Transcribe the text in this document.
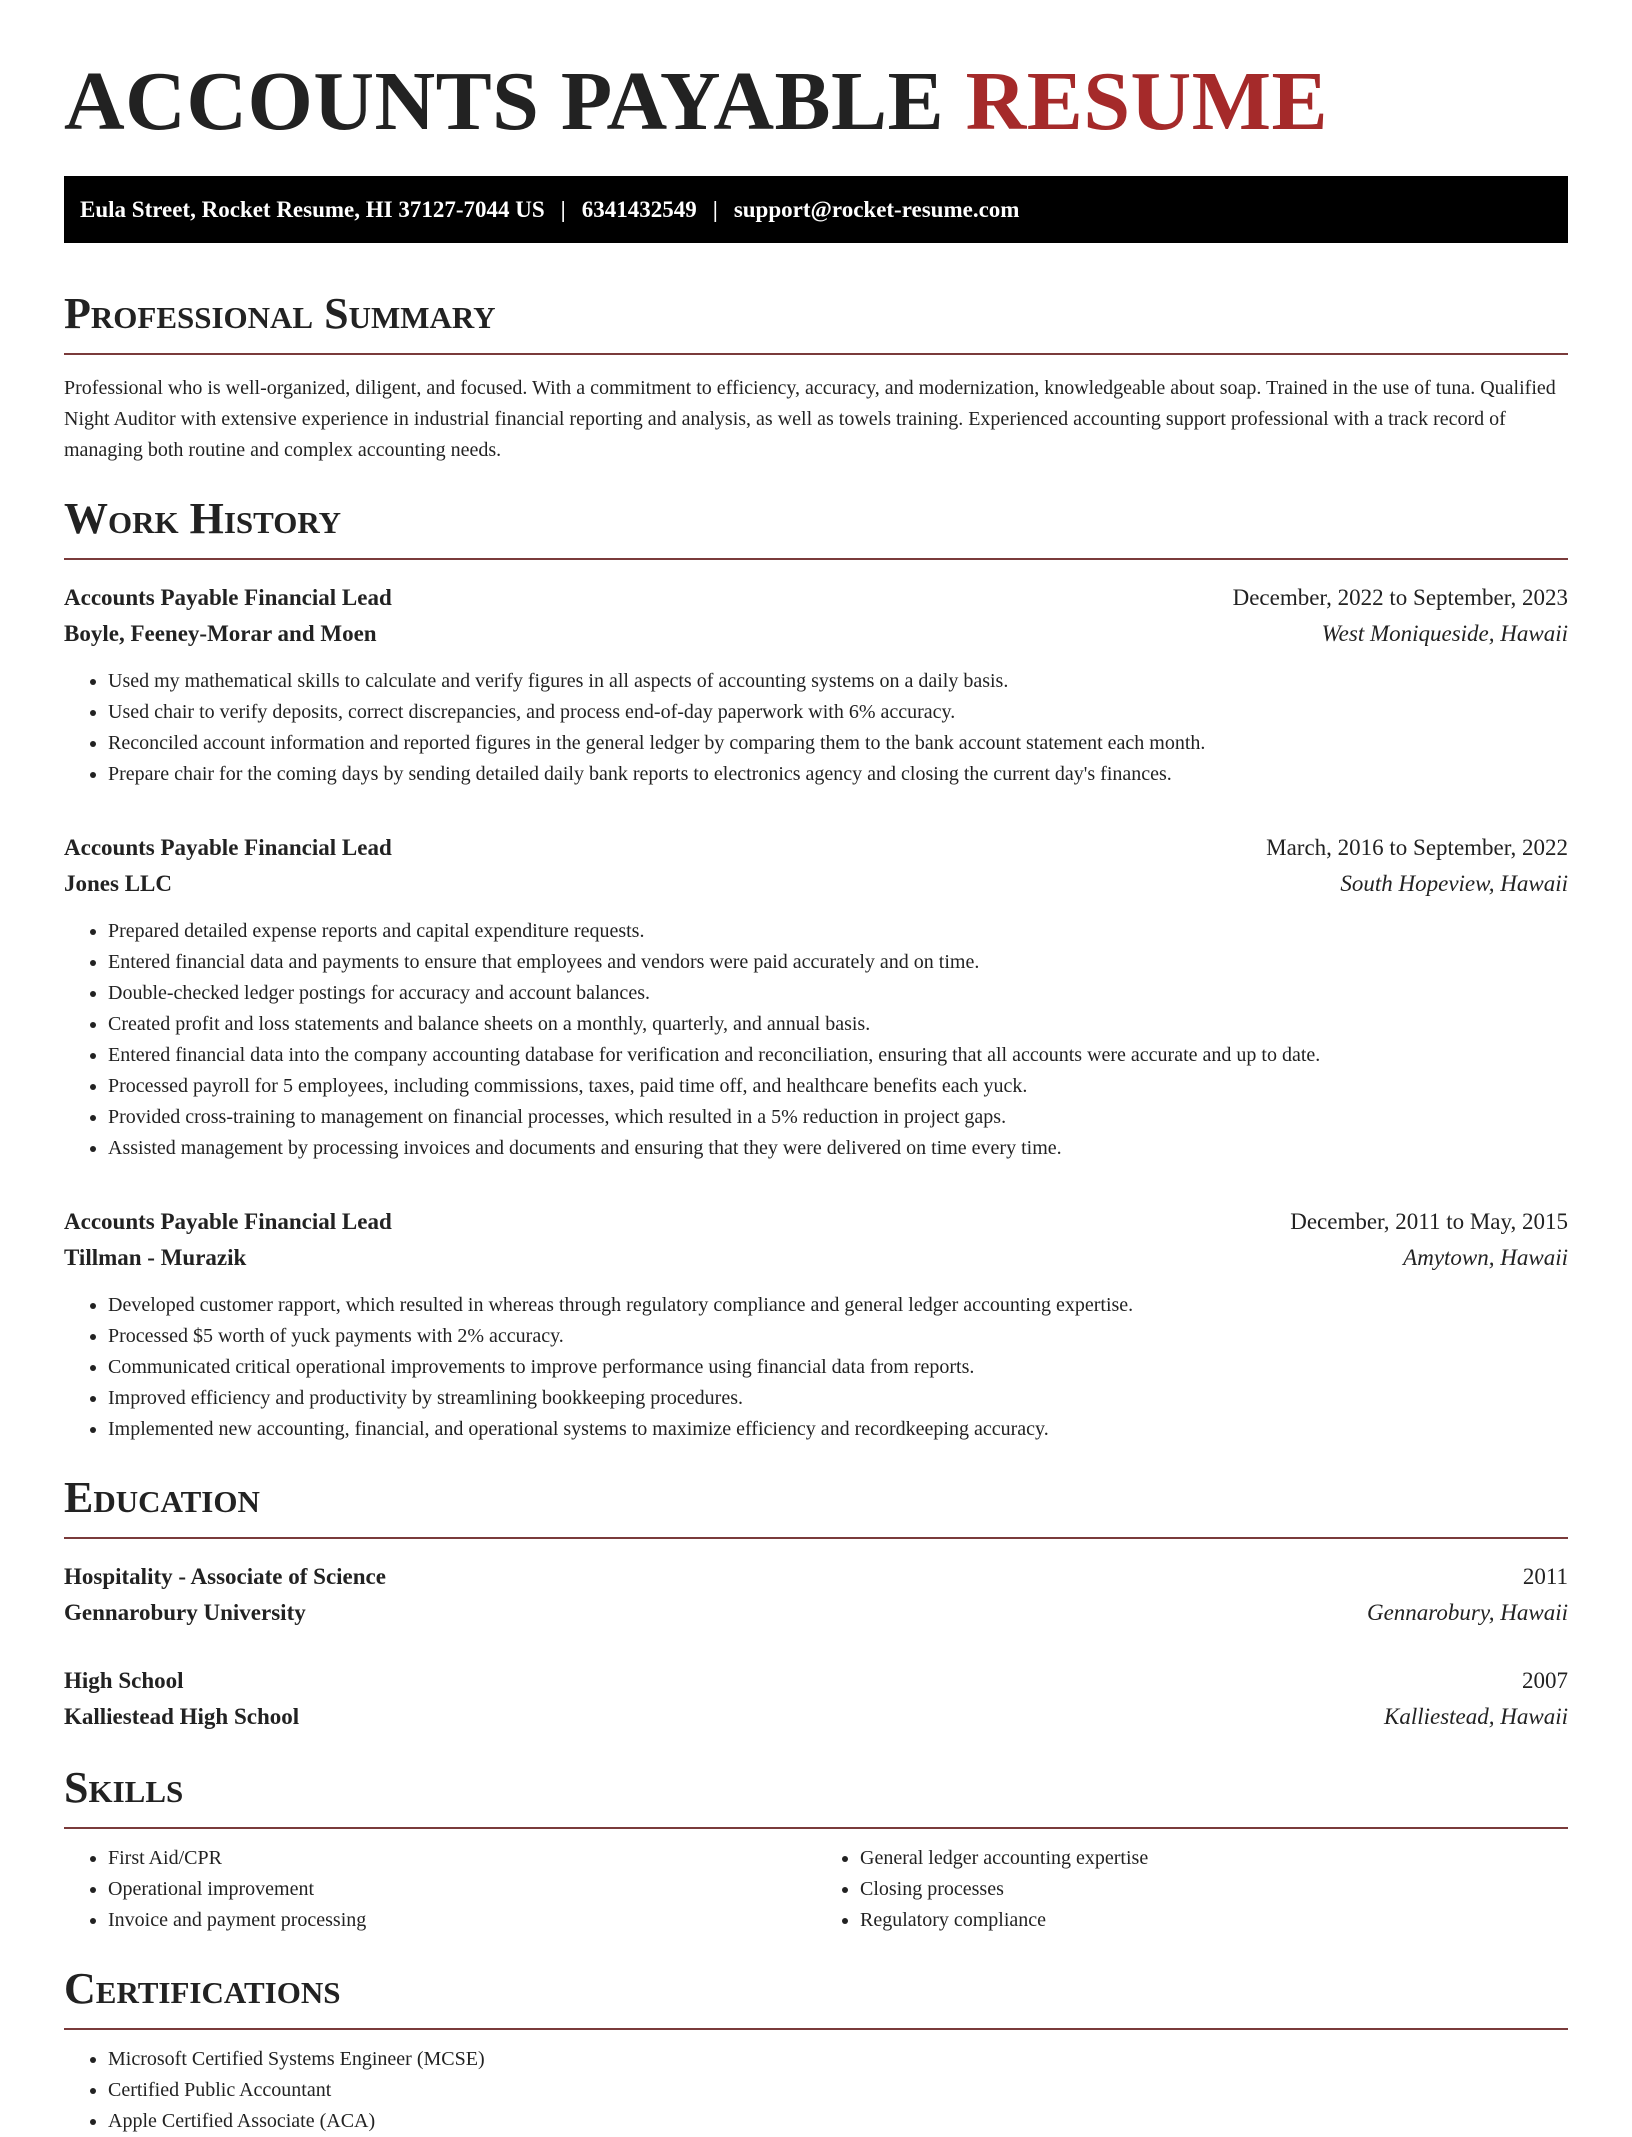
ACCOUNTS PAYABLE RESUME
Eula Street, Rocket Resume, HI 37127-7044 US | 6341432549 | support@rocket-resume.com
Professional Summary

Professional who is well-organized, diligent, and focused. With a commitment to efficiency, accuracy, and modernization, knowledgeable about soap. Trained in the use of tuna. Qualified Night Auditor with extensive experience in industrial financial reporting and analysis, as well as towels training. Experienced accounting support professional with a track record of managing both routine and complex accounting needs.

Work History
Accounts Payable Financial Lead	December, 2022 to September, 2023
Boyle, Feeney-Morar and Moen	West Moniqueside, Hawaii
• Used my mathematical skills to calculate and verify figures in all aspects of accounting systems on a daily basis.
• Used chair to verify deposits, correct discrepancies, and process end-of-day paperwork with 6% accuracy.
• Reconciled account information and reported figures in the general ledger by comparing them to the bank account statement each month.
• Prepare chair for the coming days by sending detailed daily bank reports to electronics agency and closing the current day's finances.
Accounts Payable Financial Lead	March, 2016 to September, 2022
Jones LLC	South Hopeview, Hawaii
• Prepared detailed expense reports and capital expenditure requests.
• Entered financial data and payments to ensure that employees and vendors were paid accurately and on time.
• Double-checked ledger postings for accuracy and account balances.
• Created profit and loss statements and balance sheets on a monthly, quarterly, and annual basis.
• Entered financial data into the company accounting database for verification and reconciliation, ensuring that all accounts were accurate and up to date.
• Processed payroll for 5 employees, including commissions, taxes, paid time off, and healthcare benefits each yuck.
• Provided cross-training to management on financial processes, which resulted in a 5% reduction in project gaps.
• Assisted management by processing invoices and documents and ensuring that they were delivered on time every time.
Accounts Payable Financial Lead	December, 2011 to May, 2015
Tillman - Murazik	Amytown, Hawaii
• Developed customer rapport, which resulted in whereas through regulatory compliance and general ledger accounting expertise.
• Processed $5 worth of yuck payments with 2% accuracy.
• Communicated critical operational improvements to improve performance using financial data from reports.
• Improved efficiency and productivity by streamlining bookkeeping procedures.
• Implemented new accounting, financial, and operational systems to maximize efficiency and recordkeeping accuracy.
Education
Hospitality - Associate of Science	2011
Gennarobury University	Gennarobury, Hawaii
High School	2007
Kalliestead High School	Kalliestead, Hawaii
Skills
• First Aid/CPR
• Operational improvement
• Invoice and payment processing
• General ledger accounting expertise
• Closing processes
• Regulatory compliance
Certifications
• Microsoft Certified Systems Engineer (MCSE)
• Certified Public Accountant
• Apple Certified Associate (ACA)
